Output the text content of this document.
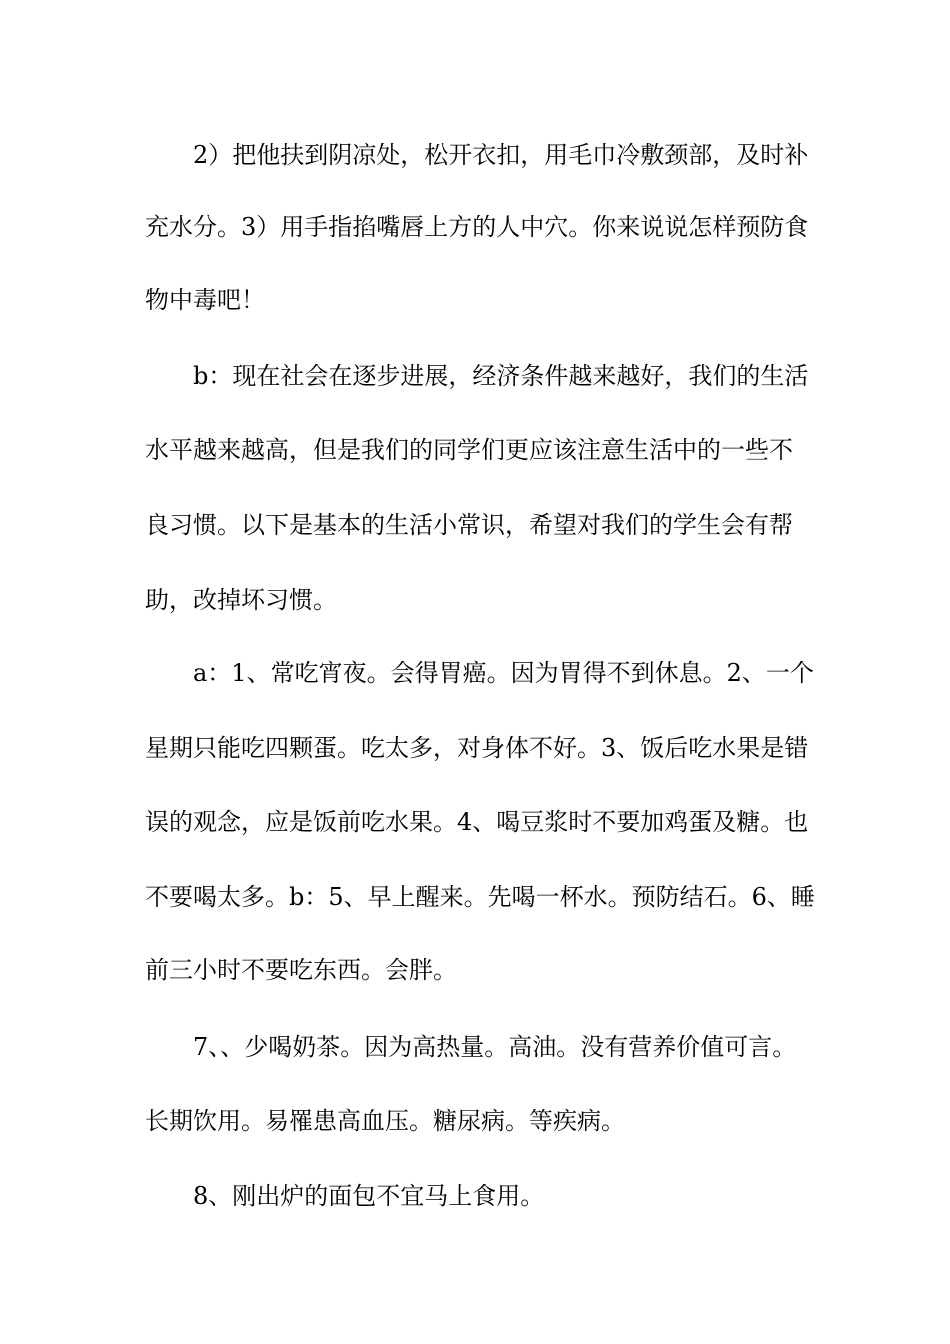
2）把他扶到阴凉处，松开衣扣，用毛巾冷敷颈部，及时补
充水分。3）用手指掐嘴唇上方的人中穴。你来说说怎样预防食
物中毒吧！
b：现在社会在逐步进展，经济条件越来越好，我们的生活
水平越来越高，但是我们的同学们更应该注意生活中的一些不
良习惯。以下是基本的生活小常识，希望对我们的学生会有帮
助，改掉坏习惯。
a：1、常吃宵夜。会得胃癌。因为胃得不到休息。2、一个
星期只能吃四颗蛋。吃太多，对身体不好。3、饭后吃水果是错
误的观念，应是饭前吃水果。4、喝豆浆时不要加鸡蛋及糖。也
不要喝太多。b：5、早上醒来。先喝一杯水。预防结石。6、睡
前三小时不要吃东西。会胖。
7、、少喝奶茶。因为高热量。高油。没有营养价值可言。
长期饮用。易罹患高血压。糖尿病。等疾病。
8、刚出炉的面包不宜马上食用。
